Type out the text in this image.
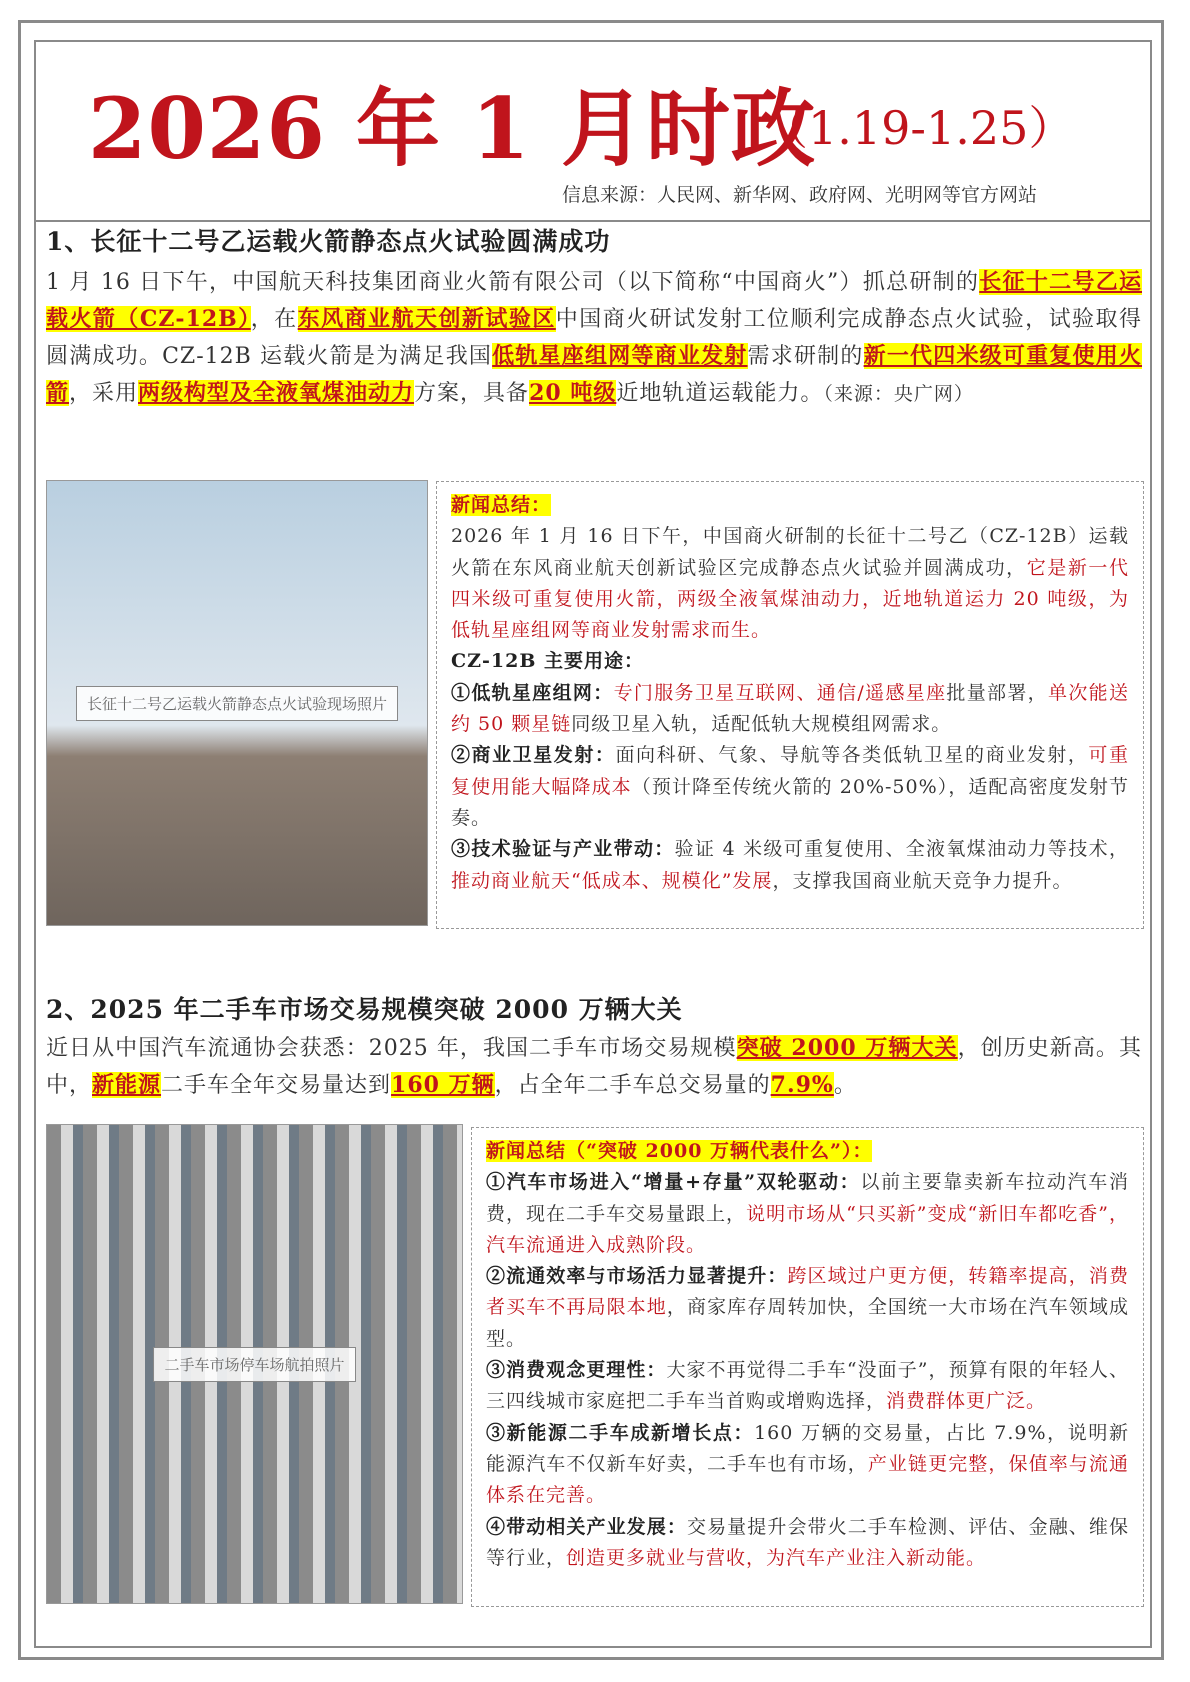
2026 年 1 月时政
（1.19-1.25）
信息来源：人民网、新华网、政府网、光明网等官方网站
1、长征十二号乙运载火箭静态点火试验圆满成功
1 月 16 日下午，中国航天科技集团商业火箭有限公司（以下简称“中国商火”）抓总研制的长征十二号乙运载火箭（CZ-12B），在东风商业航天创新试验区中国商火研试发射工位顺利完成静态点火试验，试验取得圆满成功。CZ-12B 运载火箭是为满足我国低轨星座组网等商业发射需求研制的新一代四米级可重复使用火箭，采用两级构型及全液氧煤油动力方案，具备20 吨级近地轨道运载能力。（来源：央广网）
长征十二号乙运载火箭静态点火试验现场照片

新闻总结：

2026 年 1 月 16 日下午，中国商火研制的长征十二号乙（CZ-12B）运载火箭在东风商业航天创新试验区完成静态点火试验并圆满成功，它是新一代四米级可重复使用火箭，两级全液氧煤油动力，近地轨道运力 20 吨级，为低轨星座组网等商业发射需求而生。

CZ-12B 主要用途：

①低轨星座组网：专门服务卫星互联网、通信/遥感星座批量部署，单次能送约 50 颗星链同级卫星入轨，适配低轨大规模组网需求。

②商业卫星发射：面向科研、气象、导航等各类低轨卫星的商业发射，可重复使用能大幅降成本（预计降至传统火箭的 20%-50%），适配高密度发射节奏。

③技术验证与产业带动：验证 4 米级可重复使用、全液氧煤油动力等技术，推动商业航天“低成本、规模化”发展，支撑我国商业航天竞争力提升。

2、2025 年二手车市场交易规模突破 2000 万辆大关
近日从中国汽车流通协会获悉：2025 年，我国二手车市场交易规模突破 2000 万辆大关，创历史新高。其中，新能源二手车全年交易量达到160 万辆，占全年二手车总交易量的7.9%。
二手车市场停车场航拍照片

新闻总结（“突破 2000 万辆代表什么”）：

①汽车市场进入“增量+存量”双轮驱动：以前主要靠卖新车拉动汽车消费，现在二手车交易量跟上，说明市场从“只买新”变成“新旧车都吃香”，汽车流通进入成熟阶段。

②流通效率与市场活力显著提升：跨区域过户更方便，转籍率提高，消费者买车不再局限本地，商家库存周转加快，全国统一大市场在汽车领域成型。

③消费观念更理性：大家不再觉得二手车“没面子”，预算有限的年轻人、三四线城市家庭把二手车当首购或增购选择，消费群体更广泛。

③新能源二手车成新增长点：160 万辆的交易量，占比 7.9%，说明新能源汽车不仅新车好卖，二手车也有市场，产业链更完整，保值率与流通体系在完善。

④带动相关产业发展：交易量提升会带火二手车检测、评估、金融、维保等行业，创造更多就业与营收，为汽车产业注入新动能。
